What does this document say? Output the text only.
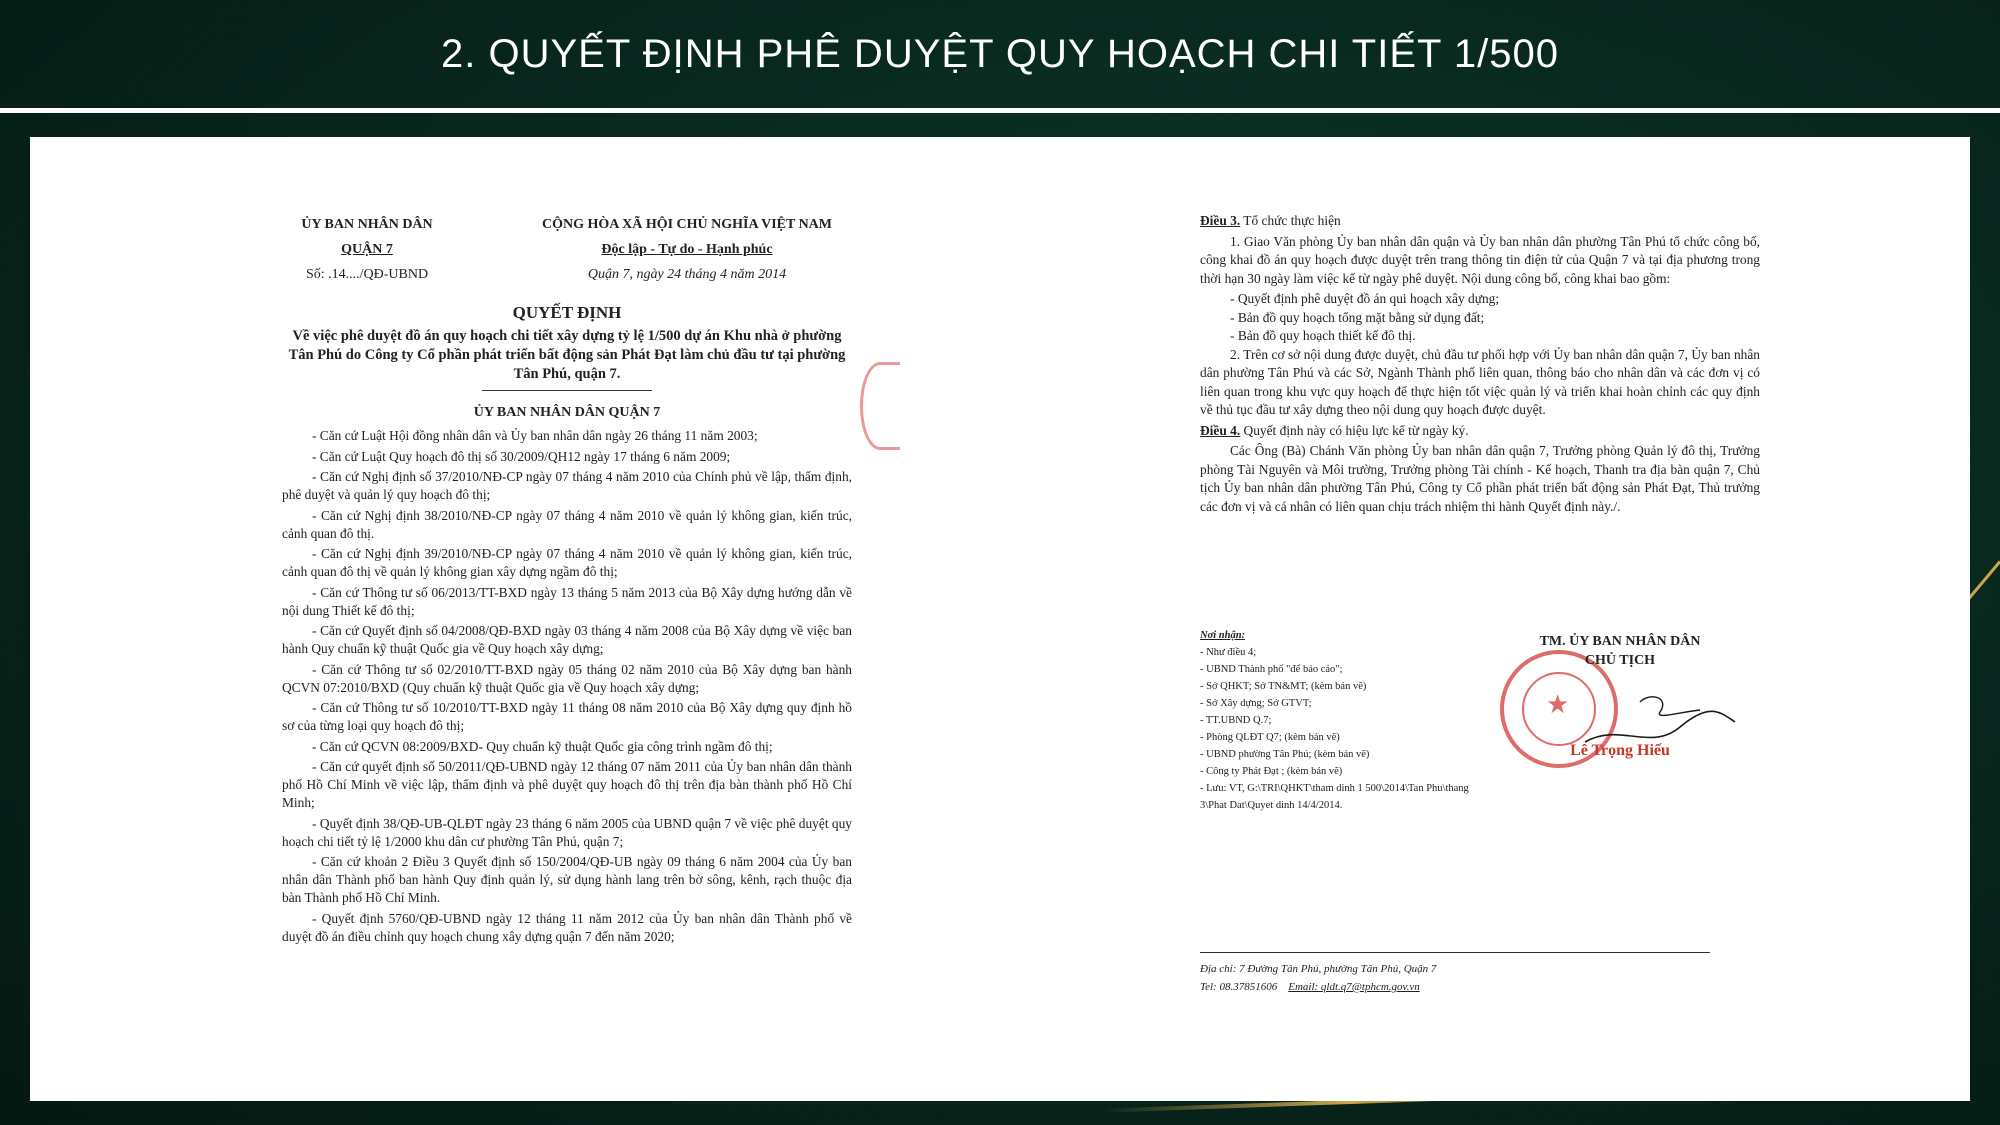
2. QUYẾT ĐỊNH PHÊ DUYỆT QUY HOẠCH CHI TIẾT 1/500
ỦY BAN NHÂN DÂN
QUẬN 7
Số: .14..../QĐ-UBND
CỘNG HÒA XÃ HỘI CHỦ NGHĨA VIỆT NAM
Độc lập - Tự do - Hạnh phúc
Quận 7, ngày 24 tháng 4 năm 2014
QUYẾT ĐỊNH
Về việc phê duyệt đồ án quy hoạch chi tiết xây dựng tỷ lệ 1/500 dự án Khu nhà ở phường Tân Phú do Công ty Cổ phần phát triển bất động sản Phát Đạt làm chủ đầu tư tại phường Tân Phú, quận 7.
ỦY BAN NHÂN DÂN QUẬN 7
- Căn cứ Luật Hội đồng nhân dân và Ủy ban nhân dân ngày 26 tháng 11 năm 2003;
- Căn cứ Luật Quy hoạch đô thị số 30/2009/QH12 ngày 17 tháng 6 năm 2009;
- Căn cứ Nghị định số 37/2010/NĐ-CP ngày 07 tháng 4 năm 2010 của Chính phủ về lập, thẩm định, phê duyệt và quản lý quy hoạch đô thị;
- Căn cứ Nghị định 38/2010/NĐ-CP ngày 07 tháng 4 năm 2010 về quản lý không gian, kiến trúc, cảnh quan đô thị.
- Căn cứ Nghị định 39/2010/NĐ-CP ngày 07 tháng 4 năm 2010 về quản lý không gian, kiến trúc, cảnh quan đô thị về quản lý không gian xây dựng ngầm đô thị;
- Căn cứ Thông tư số 06/2013/TT-BXD ngày 13 tháng 5 năm 2013 của Bộ Xây dựng hướng dẫn về nội dung Thiết kế đô thị;
- Căn cứ Quyết định số 04/2008/QĐ-BXD ngày 03 tháng 4 năm 2008 của Bộ Xây dựng về việc ban hành Quy chuẩn kỹ thuật Quốc gia về Quy hoạch xây dựng;
- Căn cứ Thông tư số 02/2010/TT-BXD ngày 05 tháng 02 năm 2010 của Bộ Xây dựng ban hành QCVN 07:2010/BXD (Quy chuẩn kỹ thuật Quốc gia về Quy hoạch xây dựng;
- Căn cứ Thông tư số 10/2010/TT-BXD ngày 11 tháng 08 năm 2010 của Bộ Xây dựng quy định hồ sơ của từng loại quy hoạch đô thị;
- Căn cứ QCVN 08:2009/BXD- Quy chuẩn kỹ thuật Quốc gia công trình ngầm đô thị;
- Căn cứ quyết định số 50/2011/QĐ-UBND ngày 12 tháng 07 năm 2011 của Ủy ban nhân dân thành phố Hồ Chí Minh về việc lập, thẩm định và phê duyệt quy hoạch đô thị trên địa bàn thành phố Hồ Chí Minh;
- Quyết định 38/QĐ-UB-QLĐT ngày 23 tháng 6 năm 2005 của UBND quận 7 về việc phê duyệt quy hoạch chi tiết tỷ lệ 1/2000 khu dân cư phường Tân Phú, quận 7;
- Căn cứ khoản 2 Điều 3 Quyết định số 150/2004/QĐ-UB ngày 09 tháng 6 năm 2004 của Ủy ban nhân dân Thành phố ban hành Quy định quản lý, sử dụng hành lang trên bờ sông, kênh, rạch thuộc địa bàn Thành phố Hồ Chí Minh.
- Quyết định 5760/QĐ-UBND ngày 12 tháng 11 năm 2012 của Ủy ban nhân dân Thành phố về duyệt đồ án điều chỉnh quy hoạch chung xây dựng quận 7 đến năm 2020;
Điều 3. Tổ chức thực hiện
1. Giao Văn phòng Ủy ban nhân dân quận và Ủy ban nhân dân phường Tân Phú tổ chức công bố, công khai đồ án quy hoạch được duyệt trên trang thông tin điện tử của Quận 7 và tại địa phương trong thời hạn 30 ngày làm việc kể từ ngày phê duyệt. Nội dung công bố, công khai bao gồm:
- Quyết định phê duyệt đồ án qui hoạch xây dựng;
- Bản đồ quy hoạch tổng mặt bằng sử dụng đất;
- Bản đồ quy hoạch thiết kế đô thị.
2. Trên cơ sở nội dung được duyệt, chủ đầu tư phối hợp với Ủy ban nhân dân quận 7, Ủy ban nhân dân phường Tân Phú và các Sở, Ngành Thành phố liên quan, thông báo cho nhân dân và các đơn vị có liên quan trong khu vực quy hoạch để thực hiện tốt việc quản lý và triển khai hoàn chỉnh các quy định về thủ tục đầu tư xây dựng theo nội dung quy hoạch được duyệt.
Điều 4. Quyết định này có hiệu lực kể từ ngày ký.
Các Ông (Bà) Chánh Văn phòng Ủy ban nhân dân quận 7, Trưởng phòng Quản lý đô thị, Trưởng phòng Tài Nguyên và Môi trường, Trưởng phòng Tài chính - Kế hoạch, Thanh tra địa bàn quận 7, Chủ tịch Ủy ban nhân dân phường Tân Phú, Công ty Cổ phần phát triển bất động sản Phát Đạt, Thủ trưởng các đơn vị và cá nhân có liên quan chịu trách nhiệm thi hành Quyết định này./.
Nơi nhận:
- Như điều 4;
- UBND Thành phố "để báo cáo";
- Sở QHKT; Sở TN&MT; (kèm bản vẽ)
- Sở Xây dựng; Sở GTVT;
- TT.UBND Q.7;
- Phòng QLĐT Q7; (kèm bản vẽ)
- UBND phường Tân Phú; (kèm bản vẽ)
- Công ty Phát Đạt ; (kèm bản vẽ)
- Lưu: VT, G:\TRI\QHKT\tham dinh 1 500\2014\Tan Phu\thang 3\Phat Dat\Quyet dinh 14/4/2014.
★
TM. ỦY BAN NHÂN DÂN
CHỦ TỊCH
Lê Trọng Hiếu
Địa chỉ: 7 Đường Tân Phú, phường Tân Phú, Quận 7
Tel: 08.37851606 Email: qldt.q7@tphcm.gov.vn
